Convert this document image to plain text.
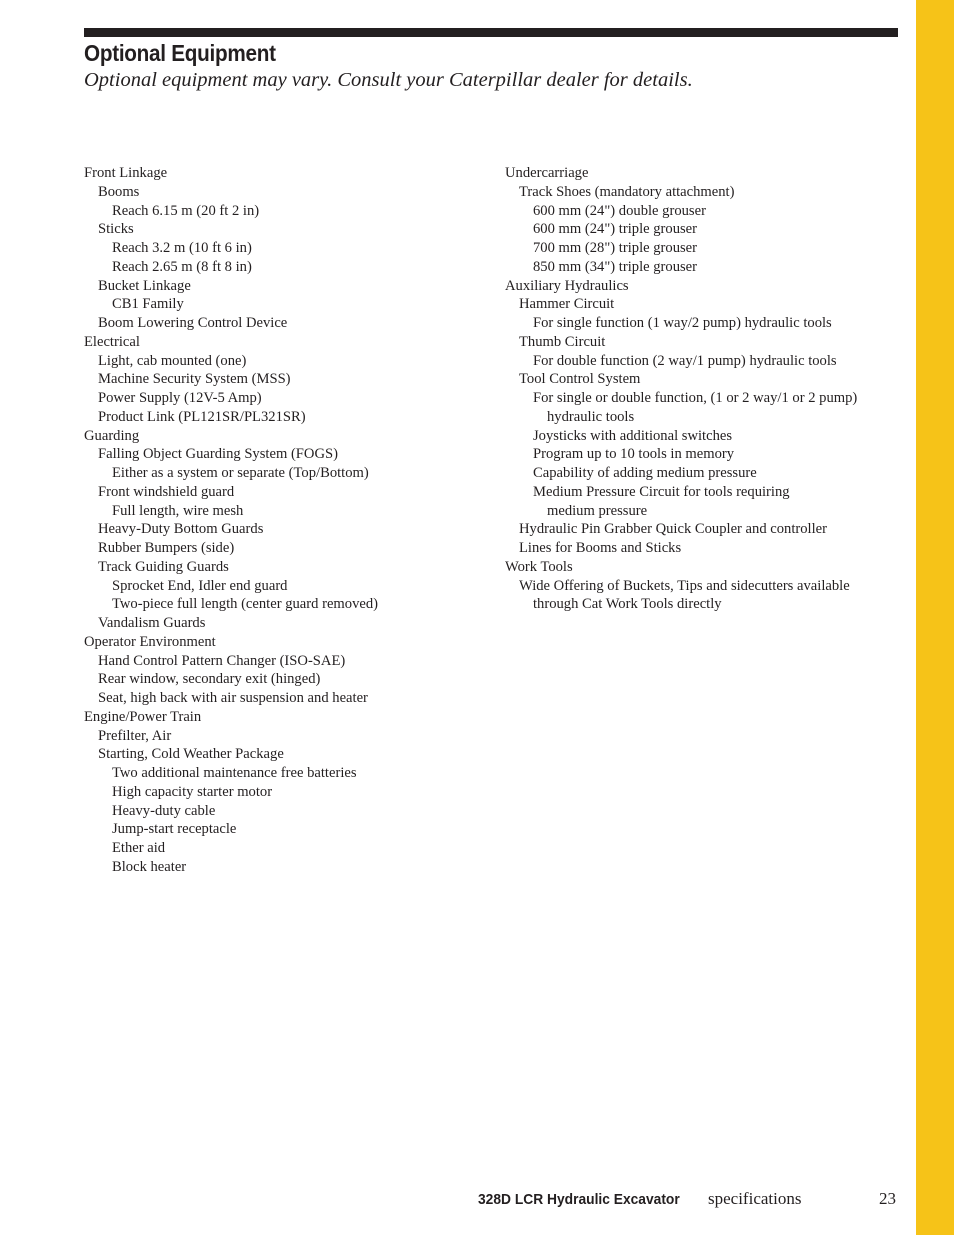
Optional Equipment

Optional equipment may vary. Consult your Caterpillar dealer for details.

Front Linkage
Booms
Reach 6.15 m (20 ft 2 in)
Sticks
Reach 3.2 m (10 ft 6 in)
Reach 2.65 m (8 ft 8 in)
Bucket Linkage
CB1 Family
Boom Lowering Control Device
Electrical
Light, cab mounted (one)
Machine Security System (MSS)
Power Supply (12V-5 Amp)
Product Link (PL121SR/PL321SR)
Guarding
Falling Object Guarding System (FOGS)
Either as a system or separate (Top/Bottom)
Front windshield guard
Full length, wire mesh
Heavy-Duty Bottom Guards
Rubber Bumpers (side)
Track Guiding Guards
Sprocket End, Idler end guard
Two-piece full length (center guard removed)
Vandalism Guards
Operator Environment
Hand Control Pattern Changer (ISO-SAE)
Rear window, secondary exit (hinged)
Seat, high back with air suspension and heater
Engine/Power Train
Prefilter, Air
Starting, Cold Weather Package
Two additional maintenance free batteries
High capacity starter motor
Heavy-duty cable
Jump-start receptacle
Ether aid
Block heater
Undercarriage
Track Shoes (mandatory attachment)
600 mm (24") double grouser
600 mm (24") triple grouser
700 mm (28") triple grouser
850 mm (34") triple grouser
Auxiliary Hydraulics
Hammer Circuit
For single function (1 way/2 pump) hydraulic tools
Thumb Circuit
For double function (2 way/1 pump) hydraulic tools
Tool Control System
For single or double function, (1 or 2 way/1 or 2 pump)
hydraulic tools
Joysticks with additional switches
Program up to 10 tools in memory
Capability of adding medium pressure
Medium Pressure Circuit for tools requiring
medium pressure
Hydraulic Pin Grabber Quick Coupler and controller
Lines for Booms and Sticks
Work Tools
Wide Offering of Buckets, Tips and sidecutters available
through Cat Work Tools directly
328D LCR Hydraulic Excavator specifications	23
